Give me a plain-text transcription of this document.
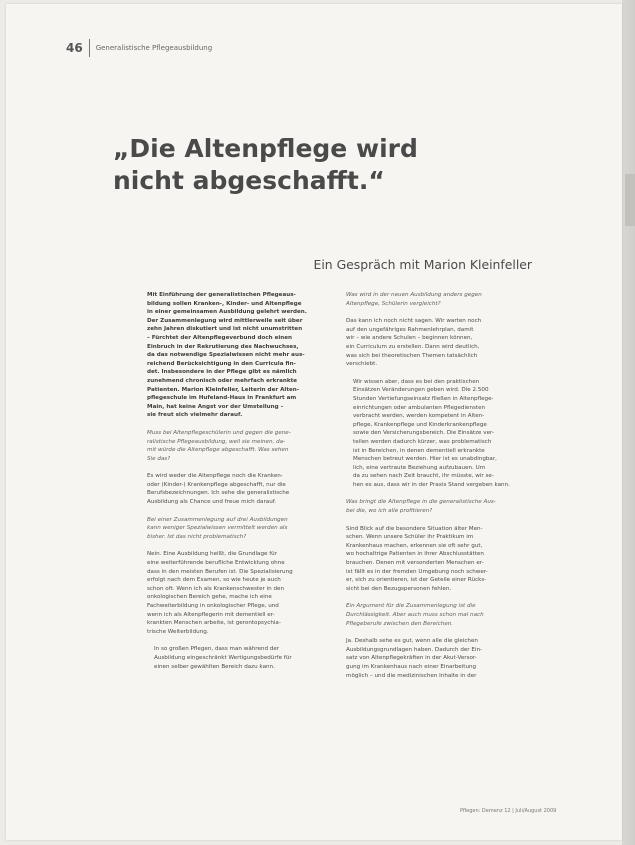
46 Generalistische Pflegeausbildung
„Die Altenpflege wird
nicht abgeschafft.“
Ein Gespräch mit Marion Kleinfeller

Mit Einführung der generalistischen Pflegeaus-

bildung sollen Kranken-, Kinder- und Altenpflege

in einer gemeinsamen Ausbildung gelehrt werden.

Der Zusammenlegung wird mittlerweile seit über

zehn Jahren diskutiert und ist nicht unumstritten

– Fürchtet der Altenpflegeverbund doch einen

Einbruch in der Rekrutierung des Nachwuchses,

da das notwendige Spezialwissen nicht mehr aus-

reichend Berücksichtigung in den Curricula fin-

det. Insbesondere in der Pflege gibt es nämlich

zunehmend chronisch oder mehrfach erkrankte

Patienten. Marion Kleinfeller, Leiterin der Alten-

pflegeschule im Hufeland-Haus in Frankfurt am

Main, hat keine Angst vor der Umstellung –

sie freut sich vielmehr darauf.

Muss bei Altenpflegeschülerin und gegen die gene-

ralistische Pflegeausbildung, weil sie meinen, da-

mit würde die Altenpflege abgeschafft. Was sehen

Sie das?

Es wird weder die Altenpflege noch die Kranken-

oder (Kinder-) Krankenpflege abgeschafft, nur die

Berufsbezeichnungen. Ich sehe die generalistische

Ausbildung als Chance und freue mich darauf.

Bei einer Zusammenlegung auf drei Ausbildungen

kann weniger Spezialwissen vermittelt werden als

bisher. Ist das nicht problematisch?

Nein. Eine Ausbildung heißt, die Grundlage für

eine weiterführende berufliche Entwicklung ohne

dass in den meisten Berufen ist. Die Spezialisierung

erfolgt nach dem Examen, so wie heute je auch

schon oft. Wenn ich als Krankenschwester in den

onkologischen Bereich gehe, mache ich eine

Fachweiterbildung in onkologischer Pflege, und

wenn ich als Altenpflegerin mit dementiell er-

krankten Menschen arbeite, ist gerontopsychia-

trische Weiterbildung.

In so großen Pflegen, dass man während der

Ausbildung eingeschränkt Wertigungsbedürfe für

einen selber gewählten Bereich dazu kann.

Was wird in der neuen Ausbildung anders gegen

Altenpflege, Schülerin vergleicht?

Das kann ich noch nicht sagen. Wir warten noch

auf den ungefähriges Rahmenlehrplan, damit

wir – wie andere Schulen – beginnen können,

ein Curriculum zu erstellen. Dann wird deutlich,

was sich bei theoretischen Themen tatsächlich

verschiebt.

Wir wissen aber, dass es bei den praktischen

Einsätzen Veränderungen geben wird. Die 2.500

Stunden Vertiefungseinsatz fließen in Altenpflege-

einrichtungen oder ambulanten Pflegediensten

verbracht werden, werden kompetent in Alten-

pflege, Krankenpflege und Kinderkrankenpflege

sowie den Versicherungsbereich. Die Einsätze ver-

teilen werden dadurch kürzer, was problematisch

ist in Bereichen, in denen dementiell erkrankte

Menschen betreut werden. Hier ist es unabdingbar,

lich, eine vertraute Beziehung aufzubauen. Um

da zu sehen nach Zeit braucht, ihr müsste, wir se-

hen es aus, dass wir in der Praxis Stand vergeben kann.

Was bringt die Altenpflege in die generalistische Aus-

bei die, wo ich alle profitieren?

Sind Blick auf die besondere Situation älter Men-

schen. Wenn unsere Schüler ihr Praktikum im

Krankenhaus machen, erkennen sie oft sehr gut,

wo hochaltrige Patienten in ihrer Abschlusstätten

brauchen. Denen mit versonderten Menschen er-

ist fällt es in der fremden Umgebung noch schwer-

er, sich zu orientieren, ist der Geteile einer Rücks-

sicht bei den Bezugspersonen fehlen.

Ein Argument für die Zusammenlegung ist die

Durchlässigkeit. Aber auch muss schon mal nach

Pflegeberufe zwischen den Bereichen.

Ja. Deshalb sehe es gut, wenn alle die gleichen

Ausbildungsgrundlagen haben. Dadurch der Ein-

satz von Altenpflegekräften in der Akut-Versor-

gung im Krankenhaus nach einer Einarbeitung

möglich – und die medizinischen Inhalte in der

Pflegen: Demenz 12 | Juli/August 2009
